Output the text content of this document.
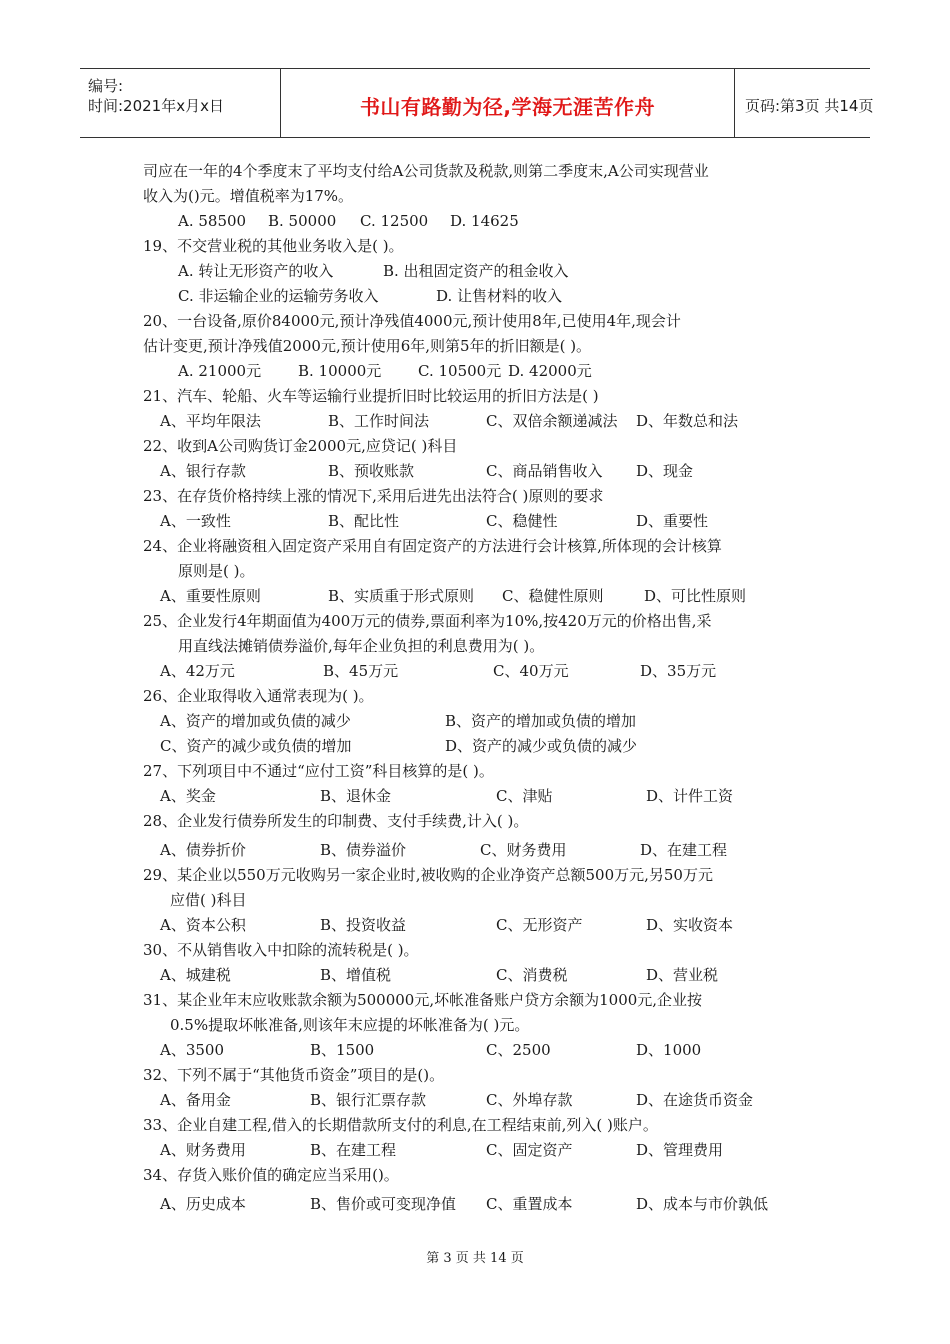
编号:
时间:2021年x月x日	书山有路勤为径,学海无涯苦作舟	页码:第3页 共14页
司应在一年的4个季度末了平均支付给A公司货款及税款,则第二季度末,A公司实现营业
收入为()元。增值税率为17%。
A. 58500 B. 50000 C. 12500 D. 14625
19、不交营业税的其他业务收入是( )。
A. 转让无形资产的收入	B. 出租固定资产的租金收入
C. 非运输企业的运输劳务收入	D. 让售材料的收入
20、一台设备,原价84000元,预计净残值4000元,预计使用8年,已使用4年,现会计
估计变更,预计净残值2000元,预计使用6年,则第5年的折旧额是( )。
A. 21000元 B. 10000元 C. 10500元 D. 42000元
21、汽车、轮船、火车等运输行业提折旧时比较运用的折旧方法是( )
A、平均年限法	B、工作时间法	C、双倍余额递减法 D、年数总和法
22、收到A公司购货订金2000元,应贷记( )科目
A、银行存款	B、预收账款	C、商品销售收入 D、现金
23、在存货价格持续上涨的情况下,采用后进先出法符合( )原则的要求
A、一致性	B、配比性	C、稳健性	D、重要性
24、企业将融资租入固定资产采用自有固定资产的方法进行会计核算,所体现的会计核算
原则是( )。
A、重要性原则	B、实质重于形式原则 C、稳健性原则	D、可比性原则
25、企业发行4年期面值为400万元的债券,票面利率为10%,按420万元的价格出售,采
用直线法摊销债券溢价,每年企业负担的利息费用为( )。
A、42万元	B、45万元	C、40万元	D、35万元
26、企业取得收入通常表现为( )。
A、资产的增加或负债的减少	B、资产的增加或负债的增加
C、资产的减少或负债的增加	D、资产的减少或负债的减少
27、下列项目中不通过“应付工资”科目核算的是( )。
A、奖金	B、退休金	C、津贴	D、计件工资
28、企业发行债券所发生的印制费、支付手续费,计入( )。
A、债券折价	B、债券溢价	C、财务费用	D、在建工程
29、某企业以550万元收购另一家企业时,被收购的企业净资产总额500万元,另50万元
应借( )科目
A、资本公积	B、投资收益	C、无形资产	D、实收资本
30、不从销售收入中扣除的流转税是( )。
A、城建税	B、增值税	C、消费税	D、营业税
31、某企业年末应收账款余额为500000元,坏帐准备账户贷方余额为1000元,企业按
0.5%提取坏帐准备,则该年末应提的坏帐准备为( )元。
A、3500	B、1500	C、2500	D、1000
32、下列不属于“其他货币资金”项目的是()。
A、备用金	B、银行汇票存款	C、外埠存款	D、在途货币资金
33、企业自建工程,借入的长期借款所支付的利息,在工程结束前,列入( )账户。
A、财务费用	B、在建工程	C、固定资产	D、管理费用
34、存货入账价值的确定应当采用()。
A、历史成本	B、售价或可变现净值 C、重置成本	D、成本与市价孰低
第 3 页 共 14 页
